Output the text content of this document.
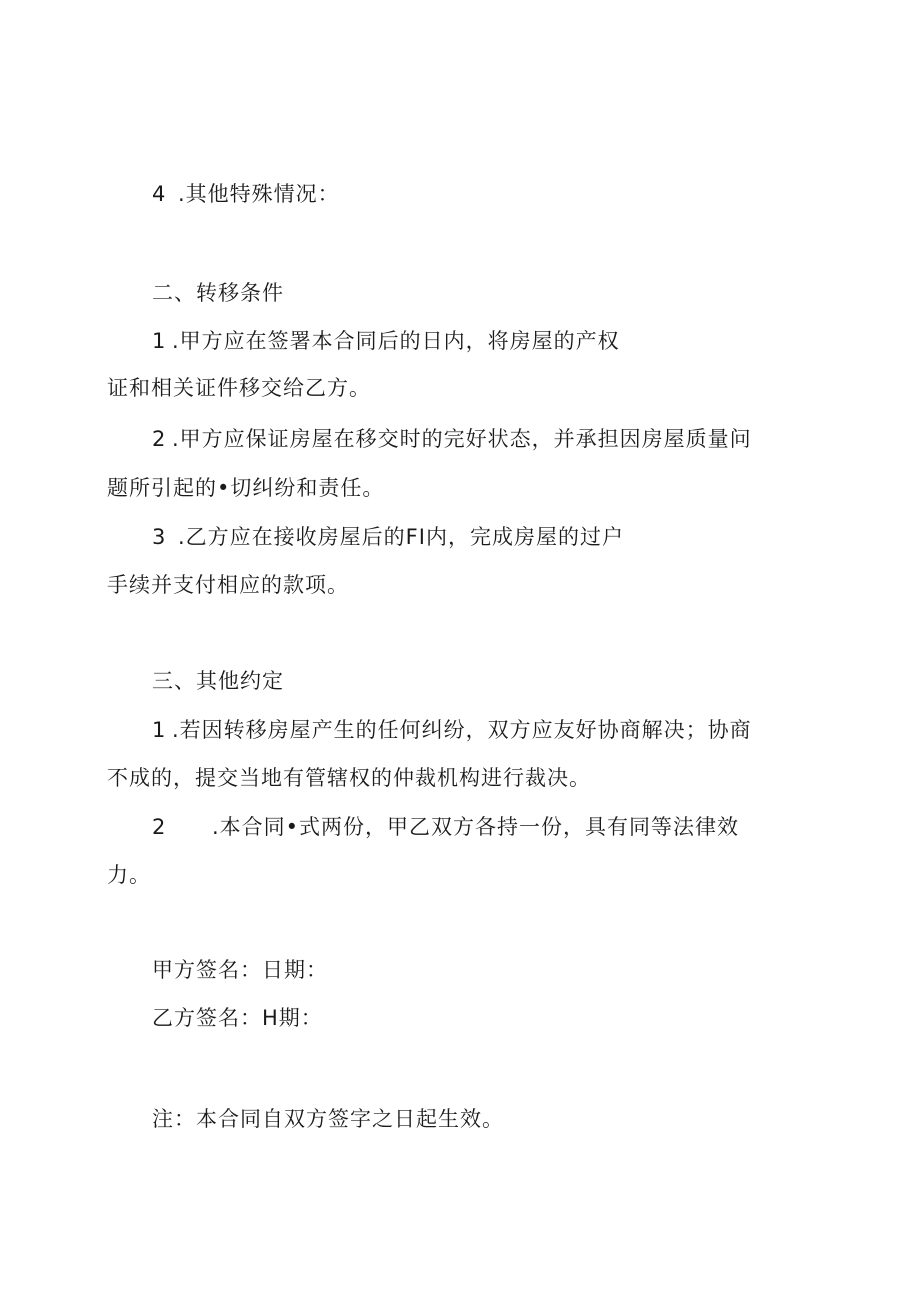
4 .其他特殊情况：
二、转移条件
1 .甲方应在签署本合同后的日内，将房屋的产权
证和相关证件移交给乙方。
2 .甲方应保证房屋在移交时的完好状态，并承担因房屋质量问
题所引起的•切纠纷和责任。
3 .乙方应在接收房屋后的FI内，完成房屋的过户
手续并支付相应的款项。
三、其他约定
1 .若因转移房屋产生的任何纠纷，双方应友好协商解决；协商
不成的，提交当地有管辖权的仲裁机构进行裁决。
2 .本合同•式两份，甲乙双方各持一份，具有同等法律效
力。
甲方签名：日期：
乙方签名：H期：
注：本合同自双方签字之日起生效。
